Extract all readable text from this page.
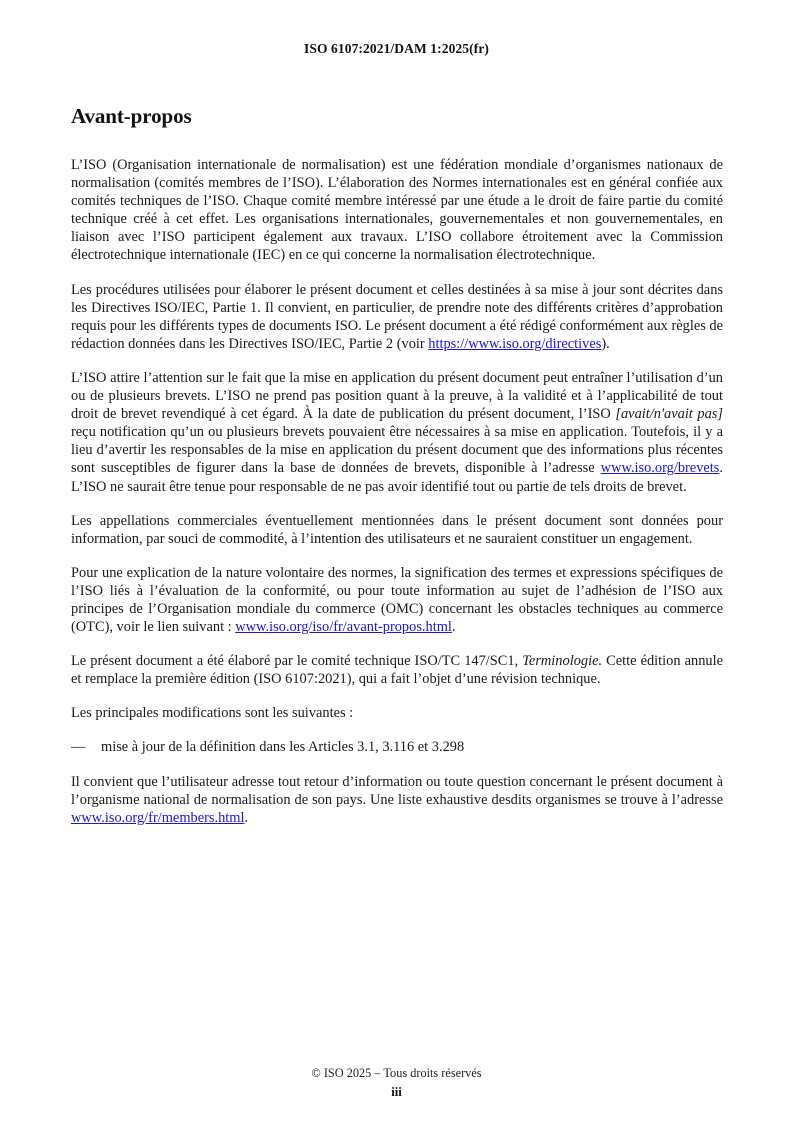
ISO 6107:2021/DAM 1:2025(fr)
Avant-propos

L’ISO (Organisation internationale de normalisation) est une fédération mondiale d’organismes nationaux de normalisation (comités membres de l’ISO). L’élaboration des Normes internationales est en général confiée aux comités techniques de l’ISO. Chaque comité membre intéressé par une étude a le droit de faire partie du comité technique créé à cet effet. Les organisations internationales, gouvernementales et non gouvernementales, en liaison avec l’ISO participent également aux travaux. L’ISO collabore étroitement avec la Commission électrotechnique internationale (IEC) en ce qui concerne la normalisation électrotechnique.

Les procédures utilisées pour élaborer le présent document et celles destinées à sa mise à jour sont décrites dans les Directives ISO/IEC, Partie 1. Il convient, en particulier, de prendre note des différents critères d’approbation requis pour les différents types de documents ISO. Le présent document a été rédigé conformément aux règles de rédaction données dans les Directives ISO/IEC, Partie 2 (voir https://www.iso.org/directives).

L’ISO attire l’attention sur le fait que la mise en application du présent document peut entraîner l’utilisation d’un ou de plusieurs brevets. L’ISO ne prend pas position quant à la preuve, à la validité et à l’applicabilité de tout droit de brevet revendiqué à cet égard. À la date de publication du présent document, l’ISO [avait/n'avait pas] reçu notification qu’un ou plusieurs brevets pouvaient être nécessaires à sa mise en application. Toutefois, il y a lieu d’avertir les responsables de la mise en application du présent document que des informations plus récentes sont susceptibles de figurer dans la base de données de brevets, disponible à l’adresse www.iso.org/brevets. L’ISO ne saurait être tenue pour responsable de ne pas avoir identifié tout ou partie de tels droits de brevet.

Les appellations commerciales éventuellement mentionnées dans le présent document sont données pour information, par souci de commodité, à l’intention des utilisateurs et ne sauraient constituer un engagement.

Pour une explication de la nature volontaire des normes, la signification des termes et expressions spécifiques de l’ISO liés à l’évaluation de la conformité, ou pour toute information au sujet de l’adhésion de l’ISO aux principes de l’Organisation mondiale du commerce (OMC) concernant les obstacles techniques au commerce (OTC), voir le lien suivant : www.iso.org/iso/fr/avant-propos.html.

Le présent document a été élaboré par le comité technique ISO/TC 147/SC1, Terminologie. Cette édition annule et remplace la première édition (ISO 6107:2021), qui a fait l’objet d’une révision technique.

Les principales modifications sont les suivantes :

—	mise à jour de la définition dans les Articles 3.1, 3.116 et 3.298

Il convient que l’utilisateur adresse tout retour d’information ou toute question concernant le présent document à l’organisme national de normalisation de son pays. Une liste exhaustive desdits organismes se trouve à l’adresse www.iso.org/fr/members.html.

© ISO 2025 – Tous droits réservés
iii
